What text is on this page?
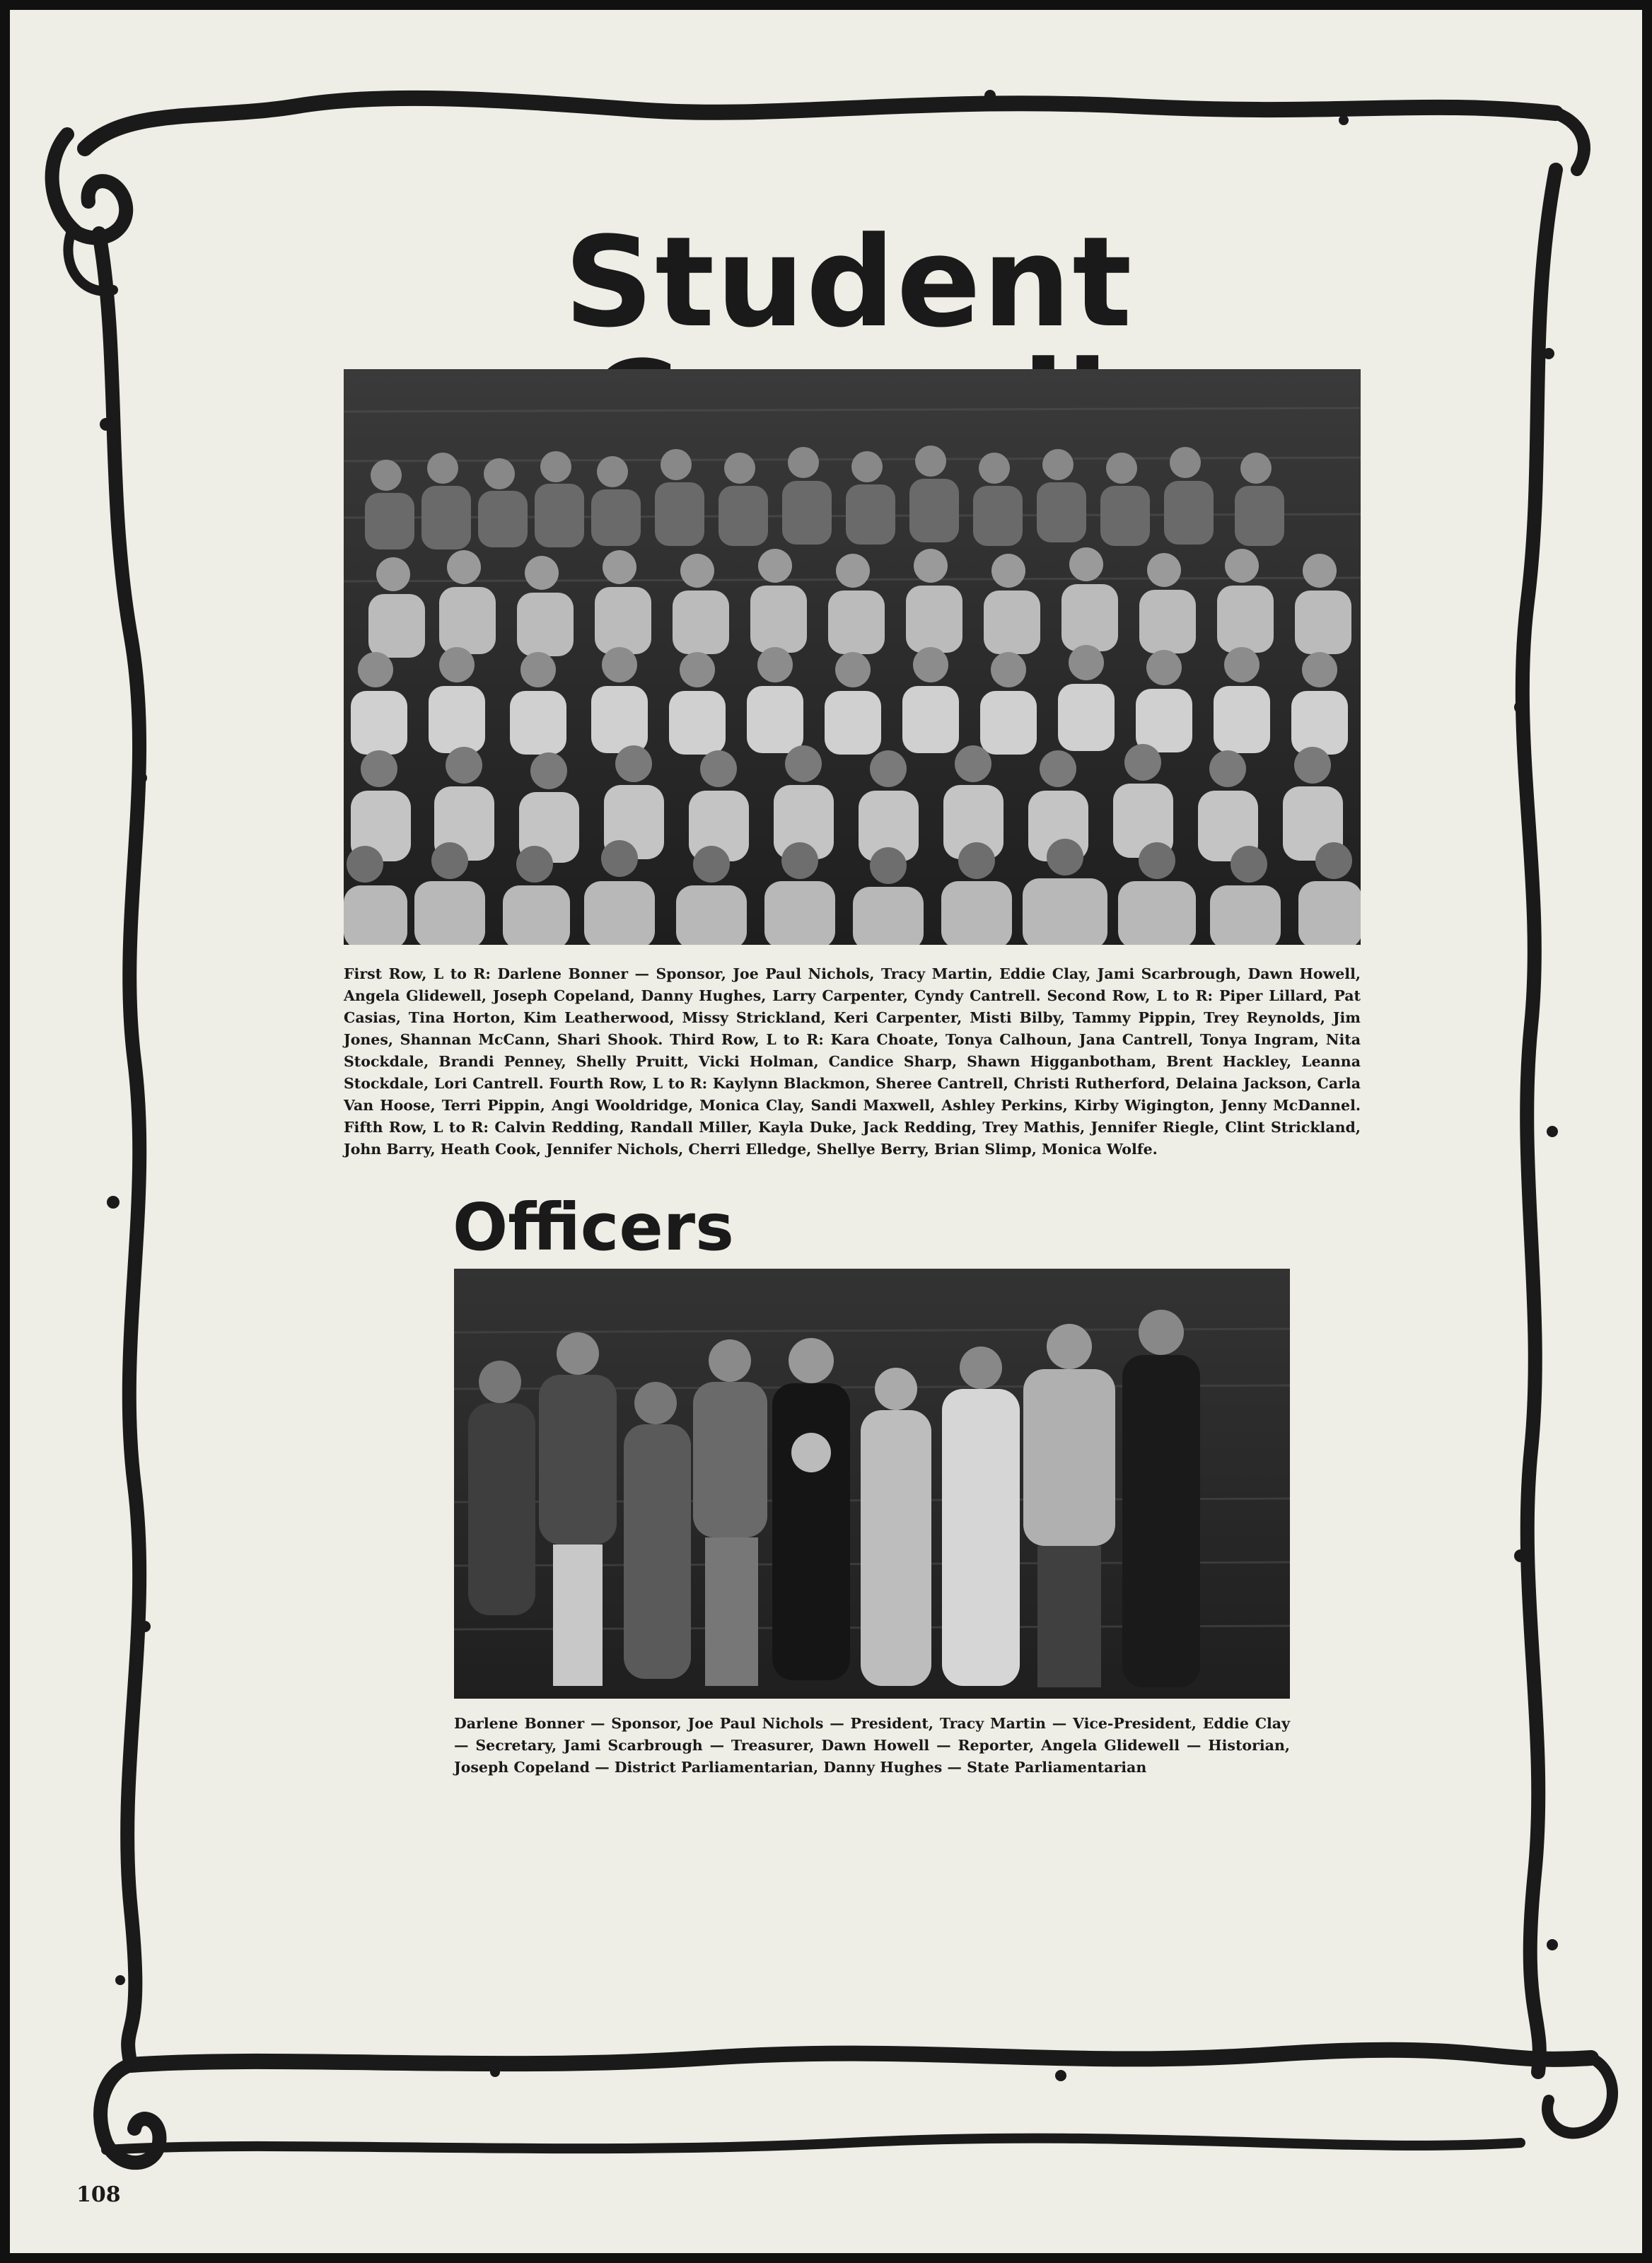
Student

First Row, L to R: Darlene Bonner — Sponsor, Joe Paul Nichols, Tracy Martin, Eddie Clay, Jami Scarbrough, Dawn Howell, Angela Glidewell, Joseph Copeland, Danny Hughes, Larry Carpenter, Cyndy Cantrell. Second Row, L to R: Piper Lillard, Pat Casias, Tina Horton, Kim Leatherwood, Missy Strickland, Keri Carpenter, Misti Bilby, Tammy Pippin, Trey Reynolds, Jim Jones, Shannan McCann, Shari Shook. Third Row, L to R: Kara Choate, Tonya Calhoun, Jana Cantrell, Tonya Ingram, Nita Stockdale, Brandi Penney, Shelly Pruitt, Vicki Holman, Candice Sharp, Shawn Higganbotham, Brent Hackley, Leanna Stockdale, Lori Cantrell. Fourth Row, L to R: Kaylynn Blackmon, Sheree Cantrell, Christi Rutherford, Delaina Jackson, Carla Van Hoose, Terri Pippin, Angi Wooldridge, Monica Clay, Sandi Maxwell, Ashley Perkins, Kirby Wigington, Jenny McDannel. Fifth Row, L to R: Calvin Redding, Randall Miller, Kayla Duke, Jack Redding, Trey Mathis, Jennifer Riegle, Clint Strickland, John Barry, Heath Cook, Jennifer Nichols, Cherri Elledge, Shellye Berry, Brian Slimp, Monica Wolfe.

Officers

Darlene Bonner — Sponsor, Joe Paul Nichols — President, Tracy Martin — Vice-President, Eddie Clay — Secretary, Jami Scarbrough — Treasurer, Dawn Howell — Reporter, Angela Glidewell — Historian, Joseph Copeland — District Parliamentarian, Danny Hughes — State Parliamentarian

108
